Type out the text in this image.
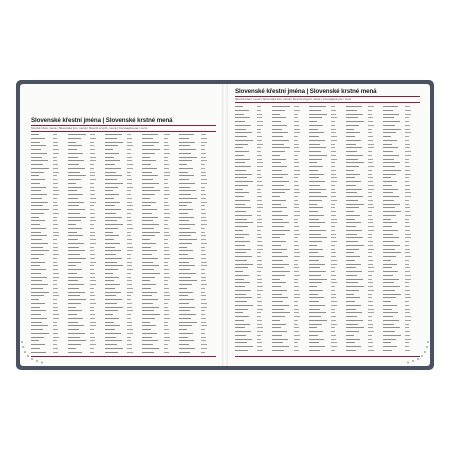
Slovenské křestní jména | Slovenské krstné mená
Slovník křest. mena | Slovenské krst. mená | Slovník prvých. mená | Compagnia per i nomi
Slovenské křestní jména | Slovenské krstné mená
Slovník křest. mena | Slovenské krst. mená | Slovník prvých. mená | Compagnia per i nomi
